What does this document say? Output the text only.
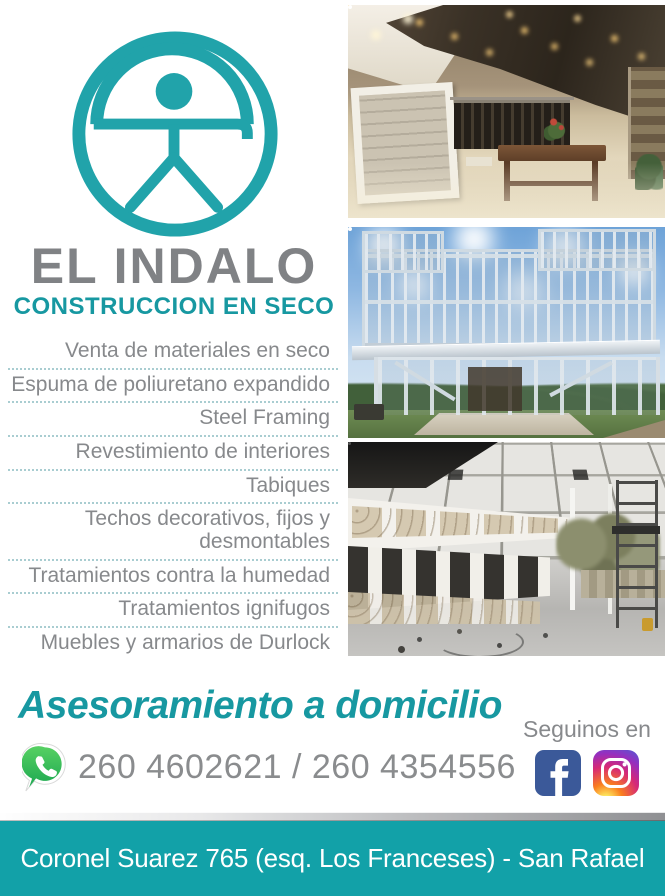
EL INDALO
CONSTRUCCION EN SECO
Venta de materiales en seco
Espuma de poliuretano expandido
Steel Framing
Revestimiento de interiores
Tabiques
Techos decorativos, fijos y desmontables
Tratamientos contra la humedad
Tratamientos ignifugos
Muebles y armarios de Durlock
Asesoramiento a domicilio
260 4602621 / 260 4354556
Seguinos en
Coronel Suarez 765 (esq. Los Franceses) - San Rafael
